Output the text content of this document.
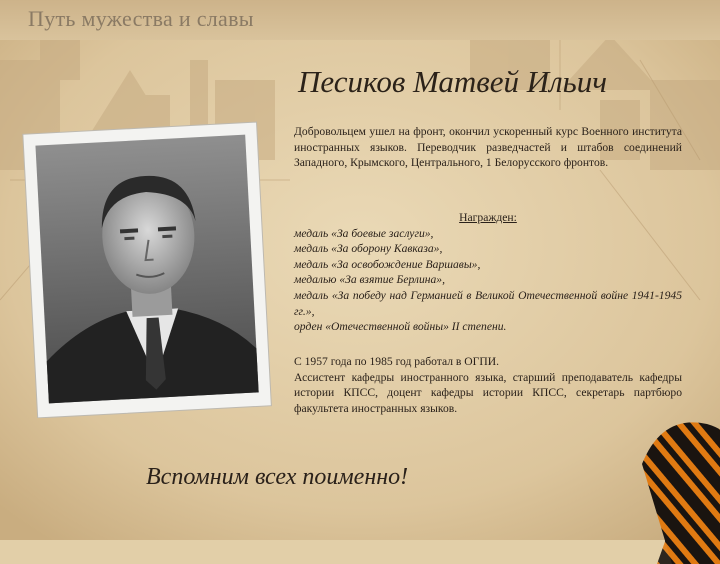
Путь мужества и славы
Песиков Матвей Ильич
Добровольцем ушел на фронт, окончил ускоренный курс Военного института иностранных языков. Переводчик разведчастей и штабов соединений Западного, Крымского, Центрального, 1 Белорусского фронтов.
Награжден:
медаль «За боевые заслуги»,
медаль «За оборону Кавказа»,
медаль «За освобождение Варшавы»,
медалью «За взятие Берлина»,
медаль «За победу над Германией в Великой Отечественной войне 1941-1945 гг.»,
орден «Отечественной войны» II степени.
С 1957 года по 1985 год работал в ОГПИ.
Ассистент кафедры иностранного языка, старший преподаватель кафедры истории КПСС, доцент кафедры истории КПСС, секретарь партбюро факультета иностранных языков.
Вспомним всех поименно!
